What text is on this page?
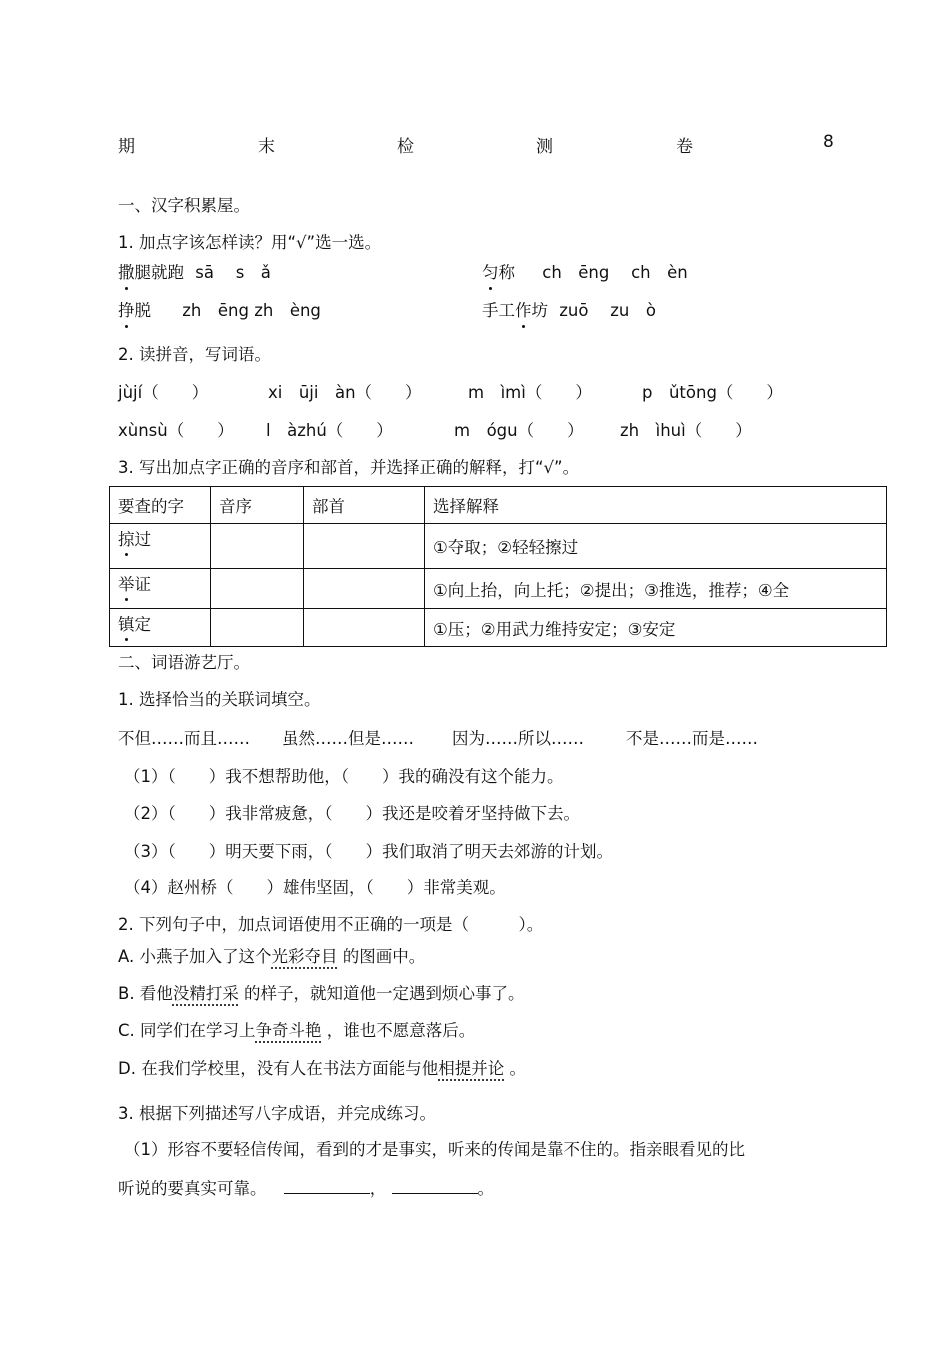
期	末	检	测	卷	8
一、汉字积累屋。
1. 加点字该怎样读？用“√”选一选。
撒腿就跑 sā　 s　ǎ	匀称 ch　ēng　 ch　èn
挣脱 zh　ēng zh　èng	手工作坊 zuō　 zu　ò
2. 读拼音，写词语。
jùjí（　　）	xi　ūji　àn（　　）	m　ìmì（　　）	p　ǔtōng（　　）
xùnsù（　　） l　àzhú（　　）	m　ógu（　　） zh　ìhuì（　　）
3. 写出加点字正确的音序和部首，并选择正确的解释，打“√”。
要查的字	音序	部首	选择解释
掠过			①夺取；②轻轻擦过
举证			①向上抬，向上托；②提出；③推选，推荐；④全
镇定			①压；②用武力维持安定；③安定
二、词语游艺厅。
1. 选择恰当的关联词填空。
不但……而且…… 虽然……但是…… 因为……所以……	不是……而是……
（1）（　　）我不想帮助他，（　　）我的确没有这个能力。
（2）（　　）我非常疲惫，（　　）我还是咬着牙坚持做下去。
（3）（　　）明天要下雨，（　　）我们取消了明天去郊游的计划。
（4）赵州桥（　　）雄伟坚固，（　　）非常美观。
2. 下列句子中，加点词语使用不正确的一项是（　　　）。
A. 小燕子加入了这个光彩夺目 的图画中。
B. 看他没精打采 的样子，就知道他一定遇到烦心事了。
C. 同学们在学习上争奇斗艳 ，谁也不愿意落后。
D. 在我们学校里，没有人在书法方面能与他相提并论 。
3. 根据下列描述写八字成语，并完成练习。
（1）形容不要轻信传闻，看到的才是事实，听来的传闻是靠不住的。指亲眼看见的比
听说的要真实可靠。	，	。
